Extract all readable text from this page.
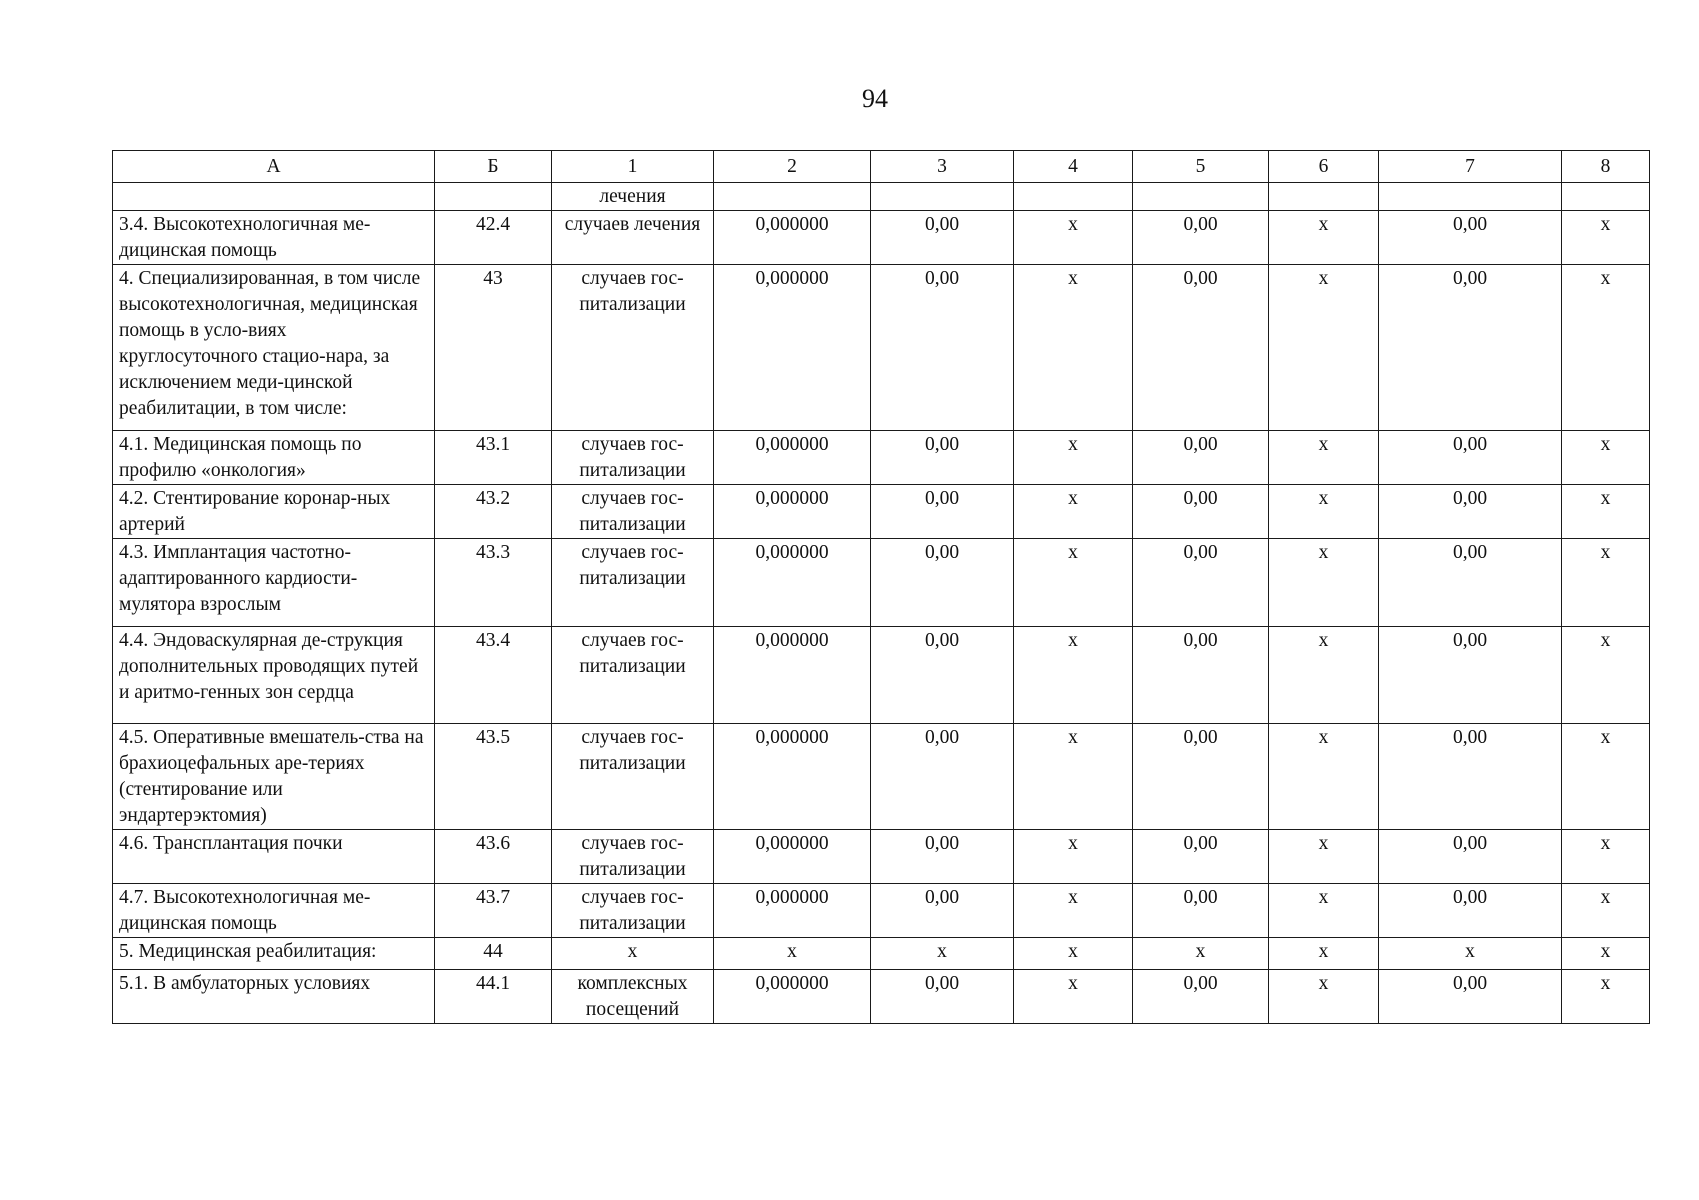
94
А	Б	1	2	3	4	5	6	7	8
		лечения							
3.4. Высокотехнологичная ме-дицинская помощь	42.4	случаев лечения	0,000000	0,00	x	0,00	x	0,00	x
4. Специализированная, в том числе высокотехнологичная, медицинская помощь в усло-виях круглосуточного стацио-нара, за исключением меди-цинской реабилитации, в том числе:	43	случаев гос-питализации	0,000000	0,00	x	0,00	x	0,00	x
4.1. Медицинская помощь по профилю «онкология»	43.1	случаев гос-питализации	0,000000	0,00	x	0,00	x	0,00	x
4.2. Стентирование коронар-ных артерий	43.2	случаев гос-питализации	0,000000	0,00	x	0,00	x	0,00	x
4.3. Имплантация частотно-адаптированного кардиости-мулятора взрослым	43.3	случаев гос-питализации	0,000000	0,00	x	0,00	x	0,00	x
4.4. Эндоваскулярная де-струкция дополнительных проводящих путей и аритмо-генных зон сердца	43.4	случаев гос-питализации	0,000000	0,00	x	0,00	x	0,00	x
4.5. Оперативные вмешатель-ства на брахиоцефальных аре-териях (стентирование или эндартерэктомия)	43.5	случаев гос-питализации	0,000000	0,00	x	0,00	x	0,00	x
4.6. Трансплантация почки	43.6	случаев гос-питализации	0,000000	0,00	x	0,00	x	0,00	x
4.7. Высокотехнологичная ме-дицинская помощь	43.7	случаев гос-питализации	0,000000	0,00	x	0,00	x	0,00	x
5. Медицинская реабилитация:	44	x	x	x	x	x	x	x	x
5.1. В амбулаторных условиях	44.1	комплексных посещений	0,000000	0,00	x	0,00	x	0,00	x
